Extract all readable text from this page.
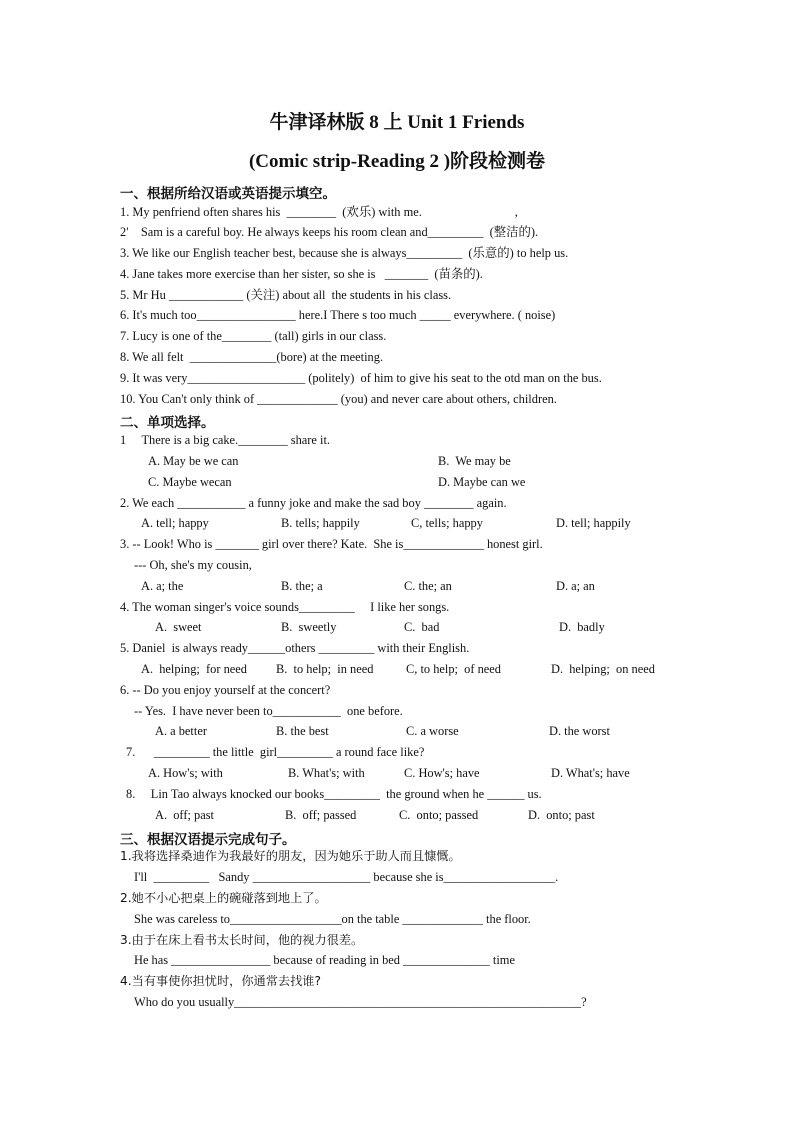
牛津译林版 8 上 Unit 1 Friends
(Comic strip-Reading 2 )阶段检测卷
一、根据所给汉语或英语提示填空。
1. My penfriend often shares his  ________  (欢乐) with me.                              ,
2'    Sam is a careful boy. He always keeps his room clean and_________  (整洁的).
3. We like our English teacher best, because she is always_________  (乐意的) to help us.
4. Jane takes more exercise than her sister, so she is   _______  (苗条的).
5. Mr Hu ____________ (关注) about all  the students in his class.
6. It's much too________________ here.I There s too much _____ everywhere. ( noise)
7. Lucy is one of the________ (tall) girls in our class.
8. We all felt  ______________(bore) at the meeting.
9. It was very___________________ (politely)  of him to give his seat to the otd man on the bus.
10. You Can't only think of _____________ (you) and never care about others, children.
二、单项选择。
1     There is a big cake.________ share it.
A. May be we can	B.  We may be
C. Maybe wecan	D. Maybe can we
2. We each ___________ a funny joke and make the sad boy ________ again.
A. tell; happy	B. tells; happily	C, tells; happy	D. tell; happily
3. -- Look! Who is _______ girl over there? Kate.  She is_____________ honest girl.
--- Oh, she's my cousin,
A. a; the	B. the; a	C. the; an	D. a; an
4. The woman singer's voice sounds_________     I like her songs.
A.  sweet	B.  sweetly	C.  bad	D.  badly
5. Daniel  is always ready______others _________ with their English.
A.  helping;  for need B.  to help;  in need	C, to help;  of need	D.  helping;  on need
6. -- Do you enjoy yourself at the concert?
-- Yes.  I have never been to___________  one before.
A. a better	B. the best	C. a worse	D. the worst
7.      _________ the little  girl_________ a round face like?
A. How's; with	B. What's; with	C. How's; have	D. What's; have
8.     Lin Tao always knocked our books_________  the ground when he ______ us.
A.  off; past	B.  off; passed	C.  onto; passed	D.  onto; past
三、根据汉语提示完成句子。
1.我将选择桑迪作为我最好的朋友，因为她乐于助人而且慷慨。
I'll  _________   Sandy ___________________ because she is__________________.
2.她不小心把桌上的碗碰落到地上了。
She was careless to__________________on the table _____________ the floor.
3.由于在床上看书太长时间，他的视力很差。
He has ________________ because of reading in bed ______________ time
4.当有事使你担忧时，你通常去找谁?
Who do you usually________________________________________________________?
